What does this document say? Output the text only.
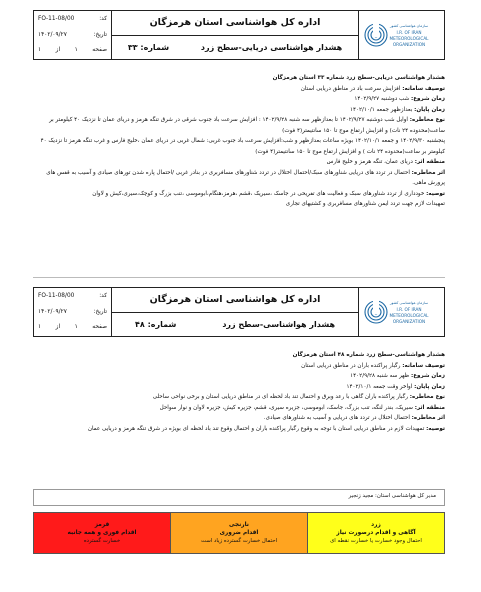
کد:
FO-11-08/00
تاریخ:
۱۴۰۲/۰۹/۲۷
صفحه
۱
از
۱
اداره کل هواشناسی استان هرمزگان
هشدار هواشناسی دریایی-سطح زرد
شماره: ۳۳
سازمان هواشناسی کشور
I.R. OF IRAN
METEOROLOGICAL
ORGANIZATION

هشدار هواشناسی دریایی-سطح زرد شماره ۳۳ استان هرمزگان

توصیف سامانه: افزایش سرعت باد در مناطق دریایی استان

زمان شروع: شب دوشنبه ۱۴۰۲/۹/۲۷

زمان پایان: بعدازظهر جمعه ۱۴۰۲/۱۰/۱

نوع مخاطره: اوایل شب دوشنبه ۱۴۰۲/۹/۲۷ تا بعدازظهر سه شنبه ۱۴۰۲/۹/۲۸ : افزایش سرعت باد جنوب شرقی در شرق تنگه هرمز و دریای عمان تا نزدیک ۴۰ کیلومتر بر ساعت(محدوده ۲۴ نات) و افزایش ارتفاع موج تا ۱۵۰ سانتیمتر(۴ فوت)

پنجشنبه ۱۴۰۲/۹/۳۰ و جمعه ۱۴۰۲/۱۰/۱ بویژه ساعات بعدازظهر و شب:افزایش سرعت باد جنوب غربی: شمال غربی در دریای عمان ،خلیج فارس و غرب تنگه هرمز تا نزدیک ۴۰ کیلومتر بر ساعت(محدوده ۲۴ نات ) و افزایش ارتفاع موج تا ۱۵۰ سانتیمتر(۴ فوت)

منطقه اثر: دریای عمان، تنگه هرمز و خلیج فارس

اثر مخاطره: احتمال در تردد های دریایی شناورهای سبک/احتمال اختلال در تردد شناورهای مسافربری در بنادر غربی /احتمال پاره شدن تورهای صیادی و آسیب به قفس های پرورش ماهی.

توصیه: خودداری از تردد شناورهای سبک و فعالیت های تفریحی در جاسک ،سیریک ،قشم ،هرمز،هنگام،ابوموسی ،تنب بزرگ و کوچک،سیری،کیش و لاوان

تمهیدات لازم جهت تردد ایمن شناورهای مسافربری و کشتیهای تجاری

کد:
FO-11-08/00
تاریخ:
۱۴۰۲/۰۹/۲۷
صفحه
۱
از
۱
اداره کل هواشناسی استان هرمزگان
هشدار هواشناسی-سطح زرد
شماره: ۴۸
سازمان هواشناسی کشور
I.R. OF IRAN
METEOROLOGICAL
ORGANIZATION

هشدار هواشناسی-سطح زرد شماره ۴۸ استان هرمزگان

توصیف سامانه: رگبار پراکنده باران در مناطق دریایی استان

زمان شروع: ظهر سه شنبه ۱۴۰۲/۹/۲۸

زمان پایان: اواخر وقت جمعه ۱۴۰۲/۱۰/۱

نوع مخاطره: رگبار پراکنده باران گاهی با رعد وبرق و احتمال تند باد لحظه ای در مناطق دریایی استان و برخی نواحی ساحلی

منطقه اثر: سیریک، بندر لنگه، تنب بزرگ، جاسک، ابوموسی، جزیره سیری، قشم، جزیره کیش، جزیره لاوان و نوار سواحل

اثر مخاطره: احتمال اختلال در تردد های دریایی و آسیب به شناورهای صیادی.

توصیه: تمهیدات لازم در مناطق دریایی استان با توجه به وقوع رگبار پراکنده باران و احتمال وقوع تند باد لحظه ای بویژه در شرق تنگه هرمز و دریایی عمان

مدیر کل هواشناسی استان: مجید زنجیر
قرمز
اقدام فوری و همه جانبه
خسارت گسترده
نارنجی
اقدام ضروری
احتمال خسارت گسترده زیاد است
زرد
آگاهی و اقدام درصورت نیاز
احتمال وجود خسارت یا خسارت نقطه ای
